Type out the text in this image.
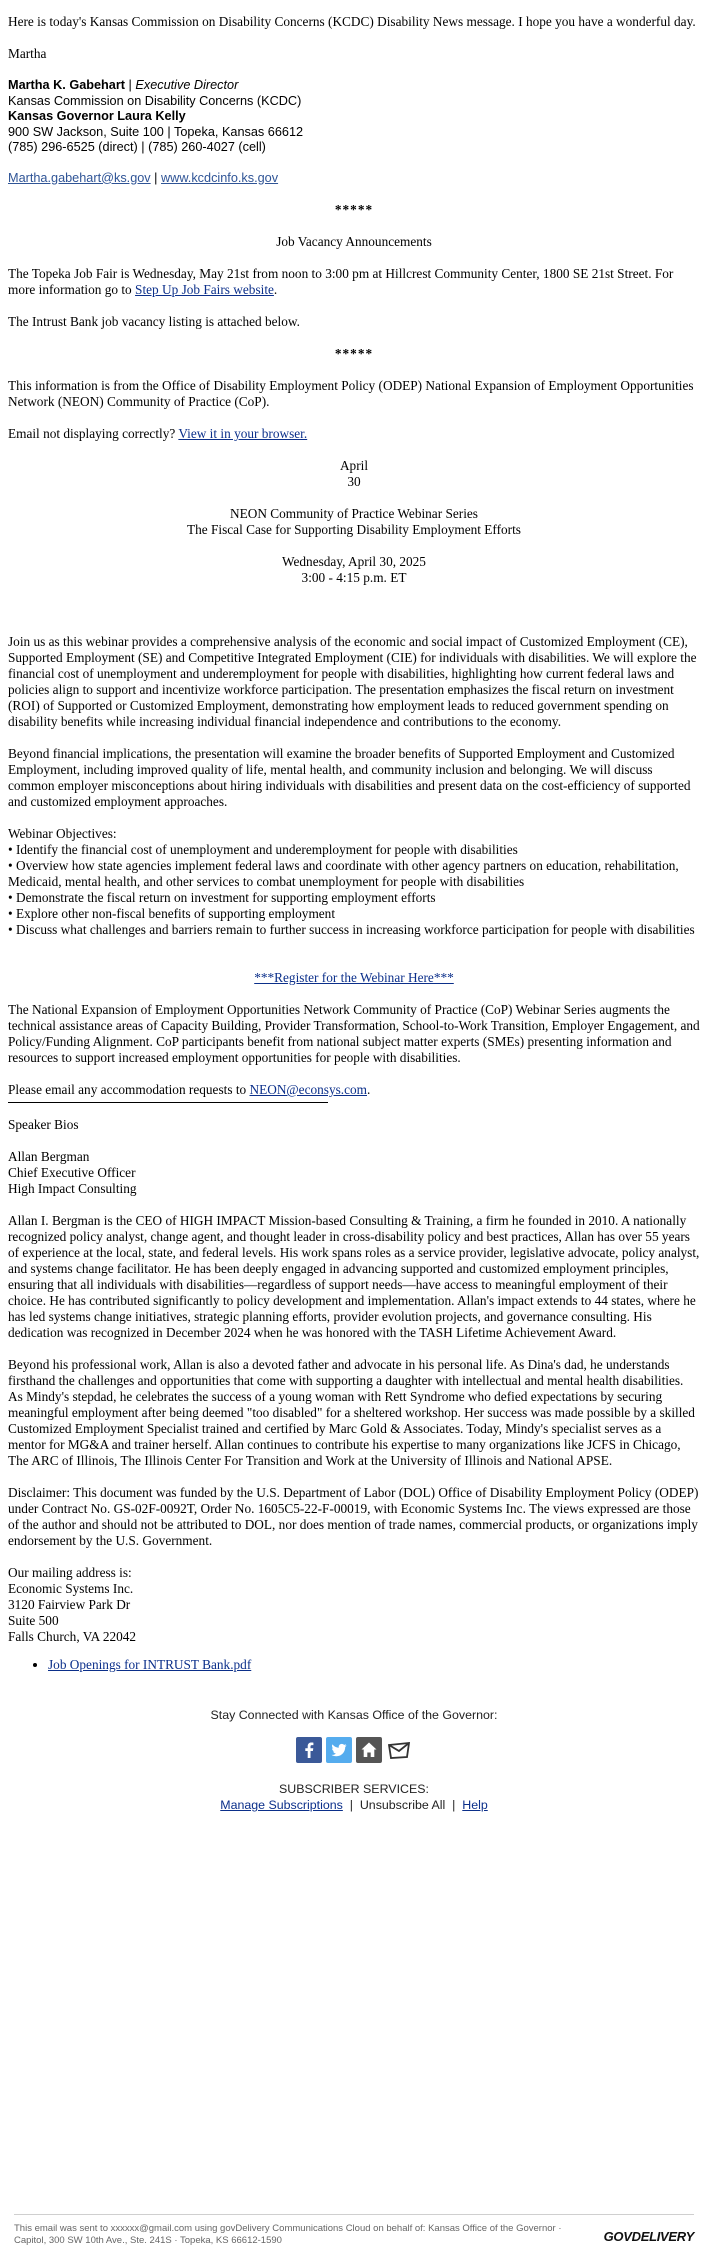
Here is today's Kansas Commission on Disability Concerns (KCDC) Disability News message. I hope you have a wonderful day.

Martha

Martha K. Gabehart | Executive Director
Kansas Commission on Disability Concerns (KCDC)
Kansas Governor Laura Kelly
900 SW Jackson, Suite 100 | Topeka, Kansas 66612
(785) 296-6525 (direct) | (785) 260-4027 (cell)
Martha.gabehart@ks.gov | www.kcdcinfo.ks.gov
*****

Job Vacancy Announcements

The Topeka Job Fair is Wednesday, May 21st from noon to 3:00 pm at Hillcrest Community Center, 1800 SE 21st Street. For more information go to Step Up Job Fairs website.

The Intrust Bank job vacancy listing is attached below.

*****

This information is from the Office of Disability Employment Policy (ODEP) National Expansion of Employment Opportunities Network (NEON) Community of Practice (CoP).

Email not displaying correctly? View it in your browser.

April
30
NEON Community of Practice Webinar Series
The Fiscal Case for Supporting Disability Employment Efforts
Wednesday, April 30, 2025
3:00 - 4:15 p.m. ET

Join us as this webinar provides a comprehensive analysis of the economic and social impact of Customized Employment (CE), Supported Employment (SE) and Competitive Integrated Employment (CIE) for individuals with disabilities. We will explore the financial cost of unemployment and underemployment for people with disabilities, highlighting how current federal laws and policies align to support and incentivize workforce participation. The presentation emphasizes the fiscal return on investment (ROI) of Supported or Customized Employment, demonstrating how employment leads to reduced government spending on disability benefits while increasing individual financial independence and contributions to the economy.

Beyond financial implications, the presentation will examine the broader benefits of Supported Employment and Customized Employment, including improved quality of life, mental health, and community inclusion and belonging. We will discuss common employer misconceptions about hiring individuals with disabilities and present data on the cost-efficiency of supported and customized employment approaches.

Webinar Objectives:
• Identify the financial cost of unemployment and underemployment for people with disabilities
• Overview how state agencies implement federal laws and coordinate with other agency partners on education, rehabilitation, Medicaid, mental health, and other services to combat unemployment for people with disabilities
• Demonstrate the fiscal return on investment for supporting employment efforts
• Explore other non-fiscal benefits of supporting employment
• Discuss what challenges and barriers remain to further success in increasing workforce participation for people with disabilities

***Register for the Webinar Here***

The National Expansion of Employment Opportunities Network Community of Practice (CoP) Webinar Series augments the technical assistance areas of Capacity Building, Provider Transformation, School-to-Work Transition, Employer Engagement, and Policy/Funding Alignment. CoP participants benefit from national subject matter experts (SMEs) presenting information and resources to support increased employment opportunities for people with disabilities.

Please email any accommodation requests to NEON@econsys.com.

Speaker Bios

Allan Bergman
Chief Executive Officer
High Impact Consulting

Allan I. Bergman is the CEO of HIGH IMPACT Mission-based Consulting & Training, a firm he founded in 2010. A nationally recognized policy analyst, change agent, and thought leader in cross-disability policy and best practices, Allan has over 55 years of experience at the local, state, and federal levels. His work spans roles as a service provider, legislative advocate, policy analyst, and systems change facilitator. He has been deeply engaged in advancing supported and customized employment principles, ensuring that all individuals with disabilities—regardless of support needs—have access to meaningful employment of their choice. He has contributed significantly to policy development and implementation. Allan's impact extends to 44 states, where he has led systems change initiatives, strategic planning efforts, provider evolution projects, and governance consulting. His dedication was recognized in December 2024 when he was honored with the TASH Lifetime Achievement Award.

Beyond his professional work, Allan is also a devoted father and advocate in his personal life. As Dina's dad, he understands firsthand the challenges and opportunities that come with supporting a daughter with intellectual and mental health disabilities. As Mindy's stepdad, he celebrates the success of a young woman with Rett Syndrome who defied expectations by securing meaningful employment after being deemed "too disabled" for a sheltered workshop. Her success was made possible by a skilled Customized Employment Specialist trained and certified by Marc Gold & Associates. Today, Mindy's specialist serves as a mentor for MG&A and trainer herself. Allan continues to contribute his expertise to many organizations like JCFS in Chicago, The ARC of Illinois, The Illinois Center For Transition and Work at the University of Illinois and National APSE.

Disclaimer: This document was funded by the U.S. Department of Labor (DOL) Office of Disability Employment Policy (ODEP) under Contract No. GS-02F-0092T, Order No. 1605C5-22-F-00019, with Economic Systems Inc. The views expressed are those of the author and should not be attributed to DOL, nor does mention of trade names, commercial products, or organizations imply endorsement by the U.S. Government.

Our mailing address is:
Economic Systems Inc.
3120 Fairview Park Dr
Suite 500
Falls Church, VA 22042
• Job Openings for INTRUST Bank.pdf
Stay Connected with Kansas Office of the Governor:
SUBSCRIBER SERVICES:
Manage Subscriptions  |  Unsubscribe All  |  Help
This email was sent to xxxxxx@gmail.com using govDelivery Communications Cloud on behalf of: Kansas Office of the Governor · Capitol, 300 SW 10th Ave., Ste. 241S · Topeka, KS 66612-1590	GOVDELIVERY
